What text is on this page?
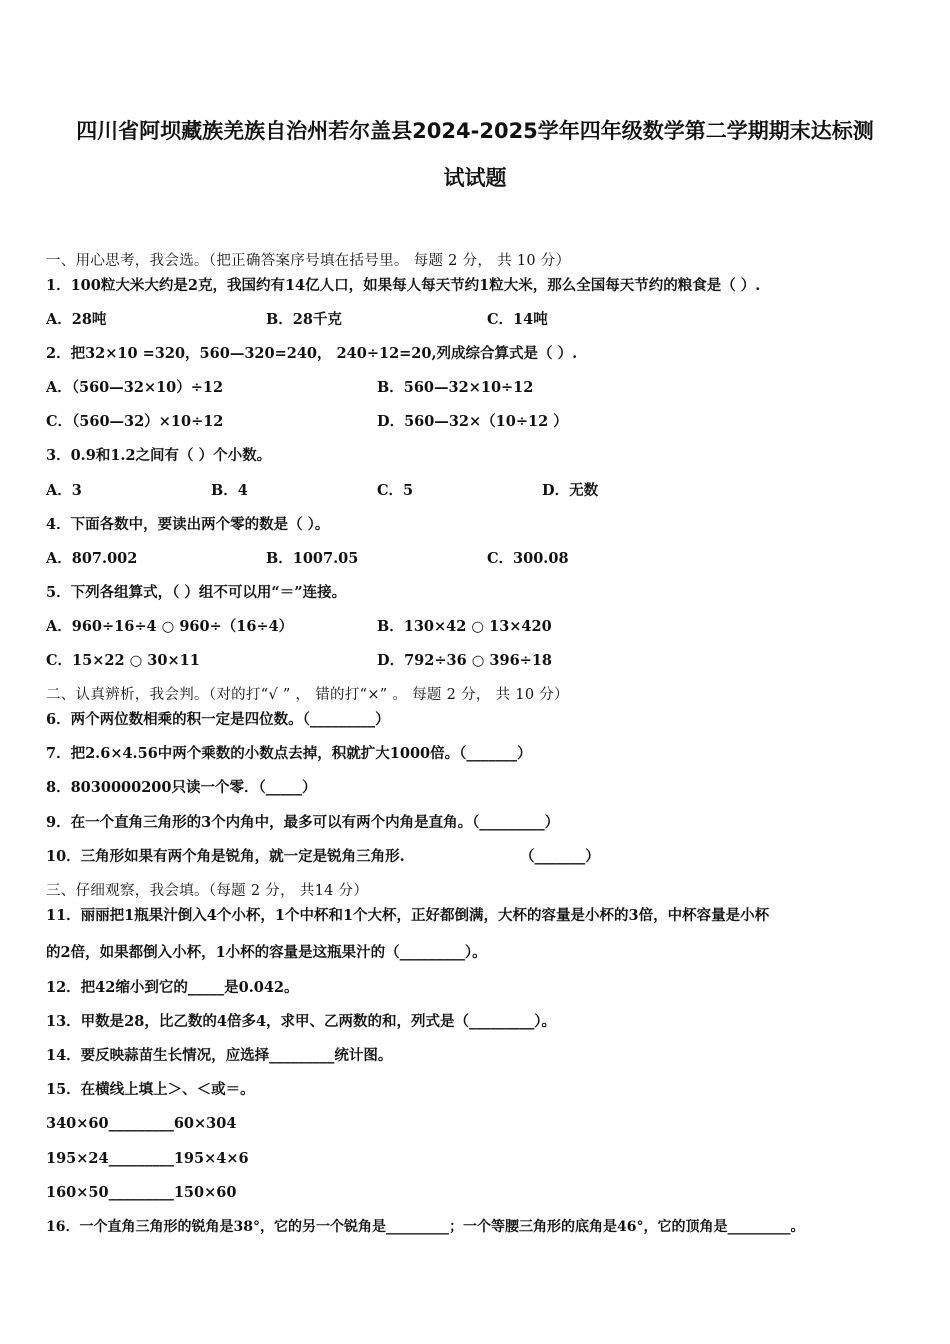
四川省阿坝藏族羌族自治州若尔盖县2024-2025学年四年级数学第二学期期末达标测
试试题
一、用心思考，我会选。（把正确答案序号填在括号里。 每题 2 分， 共 10 分）
1．100粒大米大约是2克，我国约有14亿人口，如果每人每天节约1粒大米，那么全国每天节约的粮食是（ ）.
A．28吨	B．28千克	C．14吨
2．把32×10 =320，560—320=240， 240÷12=20,列成综合算式是（ ）.
A．（560—32×10）÷12	B．560—32×10÷12
C．（560—32）×10÷12	D．560—32×（10÷12 ）
3．0.9和1.2之间有（ ）个小数。
A．3	B．4	C．5	D．无数
4．下面各数中，要读出两个零的数是（ ）。
A．807.002	B．1007.05	C．300.08
5．下列各组算式，（ ）组不可以用“＝”连接。
A．960÷16÷4 ○ 960÷（16÷4）	B．130×42 ○ 13×420
C．15×22 ○ 30×11	D．792÷36 ○ 396÷18
二、认真辨析，我会判。（对的打“√ ” ， 错的打“×” 。 每题 2 分， 共 10 分）
6．两个两位数相乘的积一定是四位数。（_________）
7．把2.6×4.56中两个乘数的小数点去掉，积就扩大1000倍。（_______）
8．8030000200只读一个零．（_____）
9．在一个直角三角形的3个内角中，最多可以有两个内角是直角。（_________）
10．三角形如果有两个角是锐角，就一定是锐角三角形.	（_______）
三、仔细观察，我会填。（每题 2 分， 共14 分）
11．丽丽把1瓶果汁倒入4个小杯，1个中杯和1个大杯，正好都倒满，大杯的容量是小杯的3倍，中杯容量是小杯
的2倍，如果都倒入小杯，1小杯的容量是这瓶果汁的（_________）。
12．把42缩小到它的_____是0.042。
13．甲数是28，比乙数的4倍多4，求甲、乙两数的和，列式是（_________）。
14．要反映蒜苗生长情况，应选择_________统计图。
15．在横线上填上＞、＜或＝。
340×60_________60×304
195×24_________195×4×6
160×50_________150×60
16．一个直角三角形的锐角是38°，它的另一个锐角是_________；一个等腰三角形的底角是46°，它的顶角是_________。
